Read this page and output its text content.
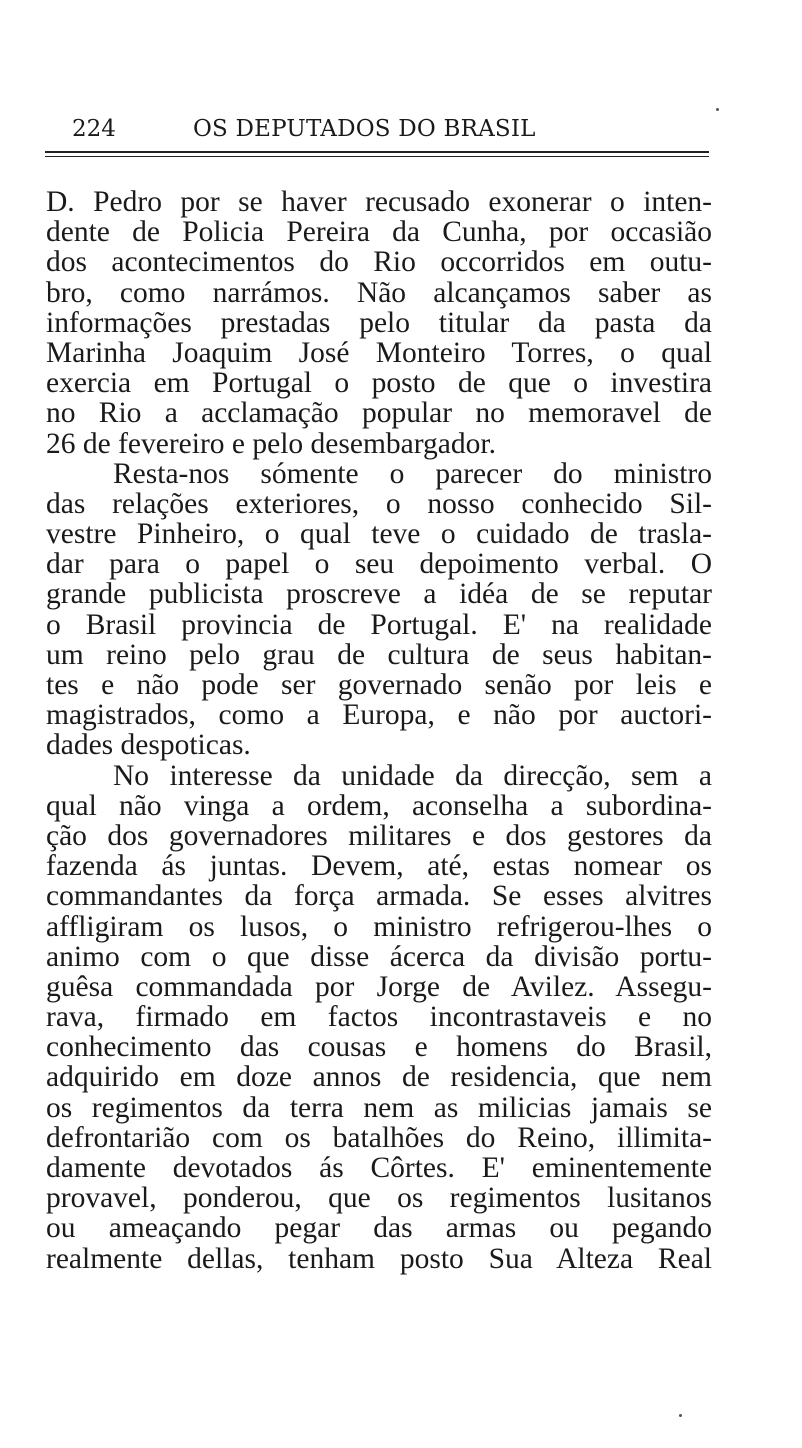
224	OS DEPUTADOS DO BRASIL
D. Pedro por se haver recusado exonerar o inten-
dente de Policia Pereira da Cunha, por occasião
dos acontecimentos do Rio occorridos em outu-
bro, como narrámos. Não alcançamos saber as
informações prestadas pelo titular da pasta da
Marinha Joaquim José Monteiro Torres, o qual
exercia em Portugal o posto de que o investira
no Rio a acclamação popular no memoravel de
26 de fevereiro e pelo desembargador.
Resta-nos sómente o parecer do ministro
das relações exteriores, o nosso conhecido Sil-
vestre Pinheiro, o qual teve o cuidado de trasla-
dar para o papel o seu depoimento verbal. O
grande publicista proscreve a idéa de se reputar
o Brasil provincia de Portugal. E' na realidade
um reino pelo grau de cultura de seus habitan-
tes e não pode ser governado senão por leis e
magistrados, como a Europa, e não por auctori-
dades despoticas.
No interesse da unidade da direcção, sem a
qual não vinga a ordem, aconselha a subordina-
ção dos governadores militares e dos gestores da
fazenda ás juntas. Devem, até, estas nomear os
commandantes da força armada. Se esses alvitres
affligiram os lusos, o ministro refrigerou-lhes o
animo com o que disse ácerca da divisão portu-
guêsa commandada por Jorge de Avilez. Assegu-
rava, firmado em factos incontrastaveis e no
conhecimento das cousas e homens do Brasil,
adquirido em doze annos de residencia, que nem
os regimentos da terra nem as milicias jamais se
defrontarião com os batalhões do Reino, illimita-
damente devotados ás Côrtes. E' eminentemente
provavel, ponderou, que os regimentos lusitanos
ou ameaçando pegar das armas ou pegando
realmente dellas, tenham posto Sua Alteza Real
